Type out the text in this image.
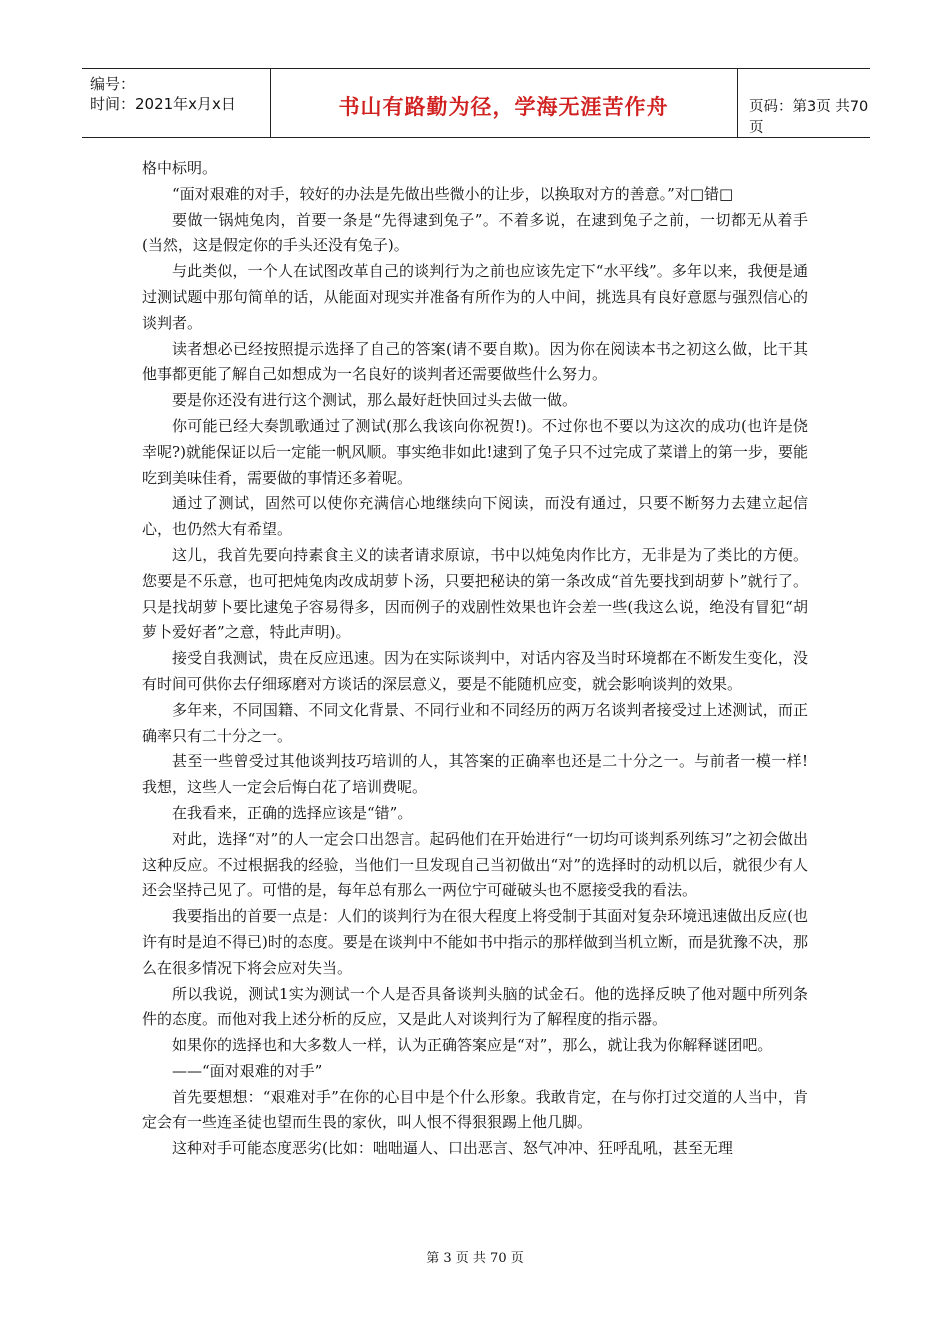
编号：
时间：2021年x月x日	书山有路勤为径，学海无涯苦作舟	页码：第3页 共70页

格中标明。

“面对艰难的对手，较好的办法是先做出些微小的让步，以换取对方的善意。”对□错□

要做一锅炖兔肉，首要一条是“先得逮到兔子”。不着多说，在逮到兔子之前，一切都无从着手(当然，这是假定你的手头还没有兔子)。

与此类似，一个人在试图改革自己的谈判行为之前也应该先定下“水平线”。多年以来，我便是通过测试题中那句简单的话，从能面对现实并准备有所作为的人中间，挑选具有良好意愿与强烈信心的谈判者。

读者想必已经按照提示选择了自己的答案(请不要自欺)。因为你在阅读本书之初这么做，比干其他事都更能了解自己如想成为一名良好的谈判者还需要做些什么努力。

要是你还没有进行这个测试，那么最好赶快回过头去做一做。

你可能已经大奏凯歌通过了测试(那么我该向你祝贺!)。不过你也不要以为这次的成功(也许是侥幸呢?)就能保证以后一定能一帆风顺。事实绝非如此!逮到了兔子只不过完成了菜谱上的第一步，要能吃到美味佳肴，需要做的事情还多着呢。

通过了测试，固然可以使你充满信心地继续向下阅读，而没有通过，只要不断努力去建立起信心，也仍然大有希望。

这儿，我首先要向持素食主义的读者请求原谅，书中以炖兔肉作比方，无非是为了类比的方便。您要是不乐意，也可把炖兔肉改成胡萝卜汤，只要把秘诀的第一条改成“首先要找到胡萝卜”就行了。只是找胡萝卜要比逮兔子容易得多，因而例子的戏剧性效果也许会差一些(我这么说，绝没有冒犯“胡萝卜爱好者”之意，特此声明)。

接受自我测试，贵在反应迅速。因为在实际谈判中，对话内容及当时环境都在不断发生变化，没有时间可供你去仔细琢磨对方谈话的深层意义，要是不能随机应变，就会影响谈判的效果。

多年来，不同国籍、不同文化背景、不同行业和不同经历的两万名谈判者接受过上述测试，而正确率只有二十分之一。

甚至一些曾受过其他谈判技巧培训的人，其答案的正确率也还是二十分之一。与前者一模一样!我想，这些人一定会后悔白花了培训费呢。

在我看来，正确的选择应该是“错”。

对此，选择“对”的人一定会口出怨言。起码他们在开始进行“一切均可谈判系列练习”之初会做出这种反应。不过根据我的经验，当他们一旦发现自己当初做出“对”的选择时的动机以后，就很少有人还会坚持己见了。可惜的是，每年总有那么一两位宁可碰破头也不愿接受我的看法。

我要指出的首要一点是：人们的谈判行为在很大程度上将受制于其面对复杂环境迅速做出反应(也许有时是迫不得已)时的态度。要是在谈判中不能如书中指示的那样做到当机立断，而是犹豫不决，那么在很多情况下将会应对失当。

所以我说，测试1实为测试一个人是否具备谈判头脑的试金石。他的选择反映了他对题中所列条件的态度。而他对我上述分析的反应，又是此人对谈判行为了解程度的指示器。

如果你的选择也和大多数人一样，认为正确答案应是“对”，那么，就让我为你解释谜团吧。

——“面对艰难的对手”

首先要想想：“艰难对手”在你的心目中是个什么形象。我敢肯定，在与你打过交道的人当中，肯定会有一些连圣徒也望而生畏的家伙，叫人恨不得狠狠踢上他几脚。

这种对手可能态度恶劣(比如：咄咄逼人、口出恶言、怒气冲冲、狂呼乱吼，甚至无理

第 3 页 共 70 页
